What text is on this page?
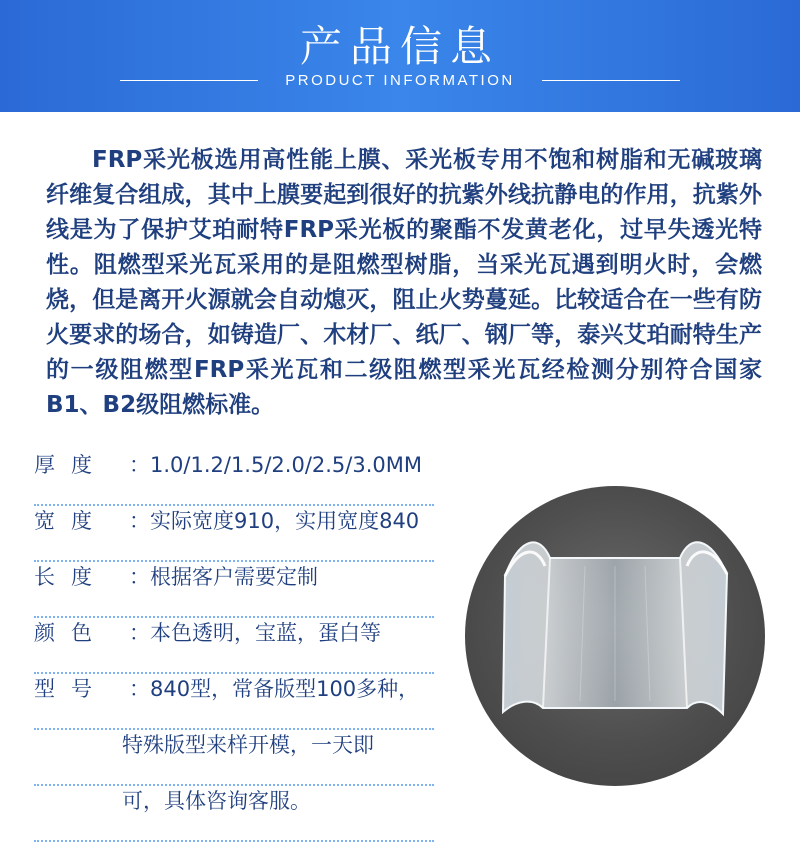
产品信息
PRODUCT INFORMATION

FRP采光板选用高性能上膜、采光板专用不饱和树脂和无碱玻璃纤维复合组成，其中上膜要起到很好的抗紫外线抗静电的作用，抗紫外线是为了保护艾珀耐特FRP采光板的聚酯不发黄老化，过早失透光特性。阻燃型采光瓦采用的是阻燃型树脂，当采光瓦遇到明火时，会燃烧，但是离开火源就会自动熄灭，阻止火势蔓延。比较适合在一些有防火要求的场合，如铸造厂、木材厂、纸厂、钢厂等，泰兴艾珀耐特生产的一级阻燃型FRP采光瓦和二级阻燃型采光瓦经检测分别符合国家B1、B2级阻燃标准。

厚度 ：1.0/1.2/1.5/2.0/2.5/3.0MM
宽度 ：实际宽度910，实用宽度840
长度 ：根据客户需要定制
颜色 ：本色透明，宝蓝，蛋白等
型号 ：840型，常备版型100多种，
特殊版型来样开模，一天即
可，具体咨询客服。
